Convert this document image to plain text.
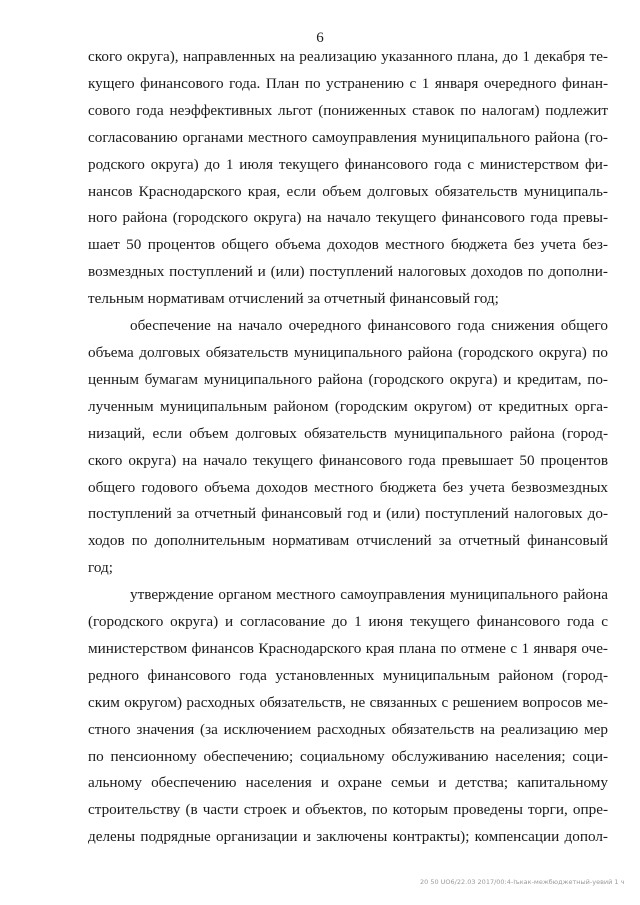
6
ского округа), направленных на реализацию указанного плана, до 1 декабря те-
кущего финансового года. План по устранению с 1 января очередного финан-
сового года неэффективных льгот (пониженных ставок по налогам) подлежит
согласованию органами местного самоуправления муниципального района (го-
родского округа) до 1 июля текущего финансового года с министерством фи-
нансов Краснодарского края, если объем долговых обязательств муниципаль-
ного района (городского округа) на начало текущего финансового года превы-
шает 50 процентов общего объема доходов местного бюджета без учета без-
возмездных поступлений и (или) поступлений налоговых доходов по дополни-
тельным нормативам отчислений за отчетный финансовый год;
обеспечение на начало очередного финансового года снижения общего
объема долговых обязательств муниципального района (городского округа) по
ценным бумагам муниципального района (городского округа) и кредитам, по-
лученным муниципальным районом (городским округом) от кредитных орга-
низаций, если объем долговых обязательств муниципального района (город-
ского округа) на начало текущего финансового года превышает 50 процентов
общего годового объема доходов местного бюджета без учета безвозмездных
поступлений за отчетный финансовый год и (или) поступлений налоговых до-
ходов по дополнительным нормативам отчислений за отчетный финансовый
год;
утверждение органом местного самоуправления муниципального района
(городского округа) и согласование до 1 июня текущего финансового года с
министерством финансов Краснодарского края плана по отмене с 1 января оче-
редного финансового года установленных муниципальным районом (город-
ским округом) расходных обязательств, не связанных с решением вопросов ме-
стного значения (за исключением расходных обязательств на реализацию мер
по пенсионному обеспечению; социальному обслуживанию населения; соци-
альному обеспечению населения и охране семьи и детства; капитальному
строительству (в части строек и объектов, по которым проведены торги, опре-
делены подрядные организации и заключены контракты); компенсации допол-
20 50 UO6/22.03 2017/00:4-Iъкак-межбюджетный-уевий 1 ч
